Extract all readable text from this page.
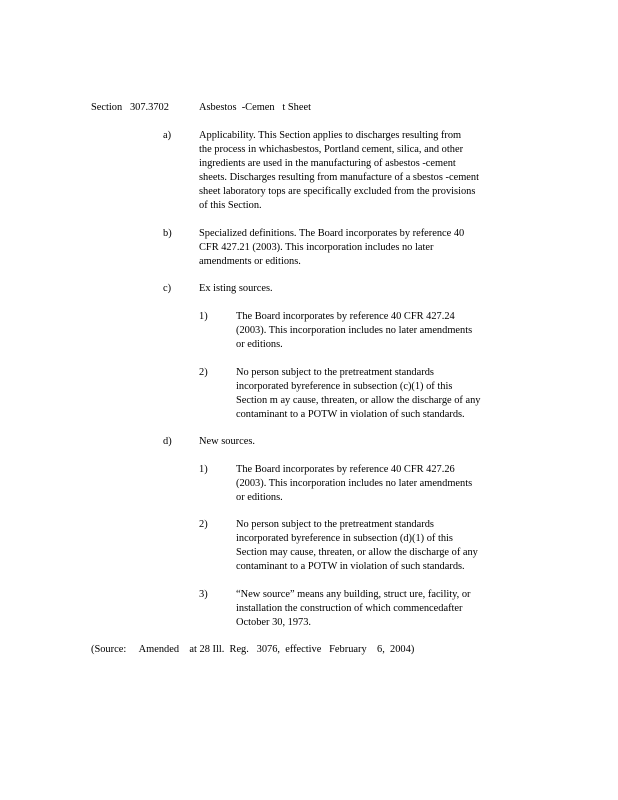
Section   307.3702	Asbestos  -Cemen   t Sheet
a)	Applicability. This Section applies to discharges resulting from
the process in whichasbestos, Portland cement, silica, and other
ingredients are used in the manufacturing of asbestos -cement
sheets. Discharges resulting from manufacture of a sbestos -cement
sheet laboratory tops are specifically excluded from the provisions
of this Section.
b)	Specialized definitions. The Board incorporates by reference 40
CFR 427.21 (2003). This incorporation includes no later
amendments or editions.
c)	Ex isting sources.
1)	The Board incorporates by reference 40 CFR 427.24
(2003). This incorporation includes no later amendments
or editions.
2)	No person subject to the pretreatment standards
incorporated byreference in subsection (c)(1) of this
Section m ay cause, threaten, or allow the discharge of any
contaminant to a POTW in violation of such standards.
d)	New sources.
1)	The Board incorporates by reference 40 CFR 427.26
(2003). This incorporation includes no later amendments
or editions.
2)	No person subject to the pretreatment standards
incorporated byreference in subsection (d)(1) of this
Section may cause, threaten, or allow the discharge of any
contaminant to a POTW in violation of such standards.
3)	“New source” means any building, struct ure, facility, or
installation the construction of which commencedafter
October 30, 1973.
(Source:     Amended    at 28 Ill.  Reg.   3076,  effective   February    6,  2004)
